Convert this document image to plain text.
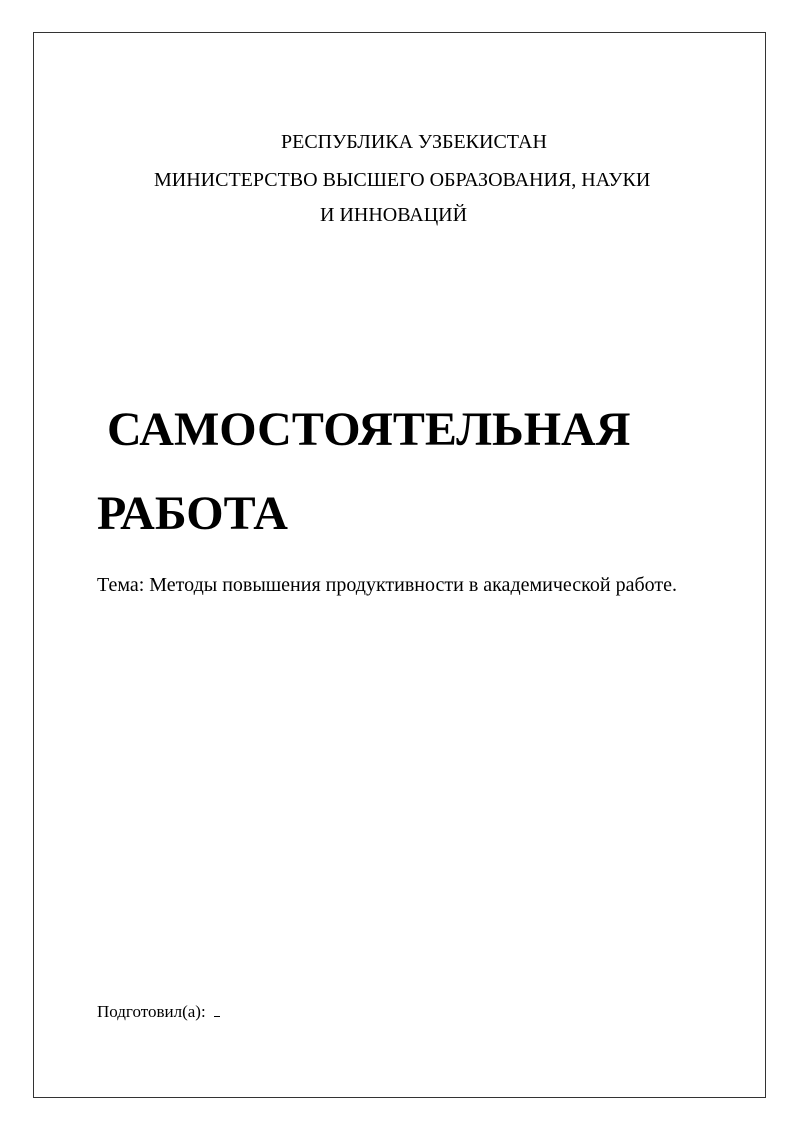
РЕСПУБЛИКА УЗБЕКИСТАН
МИНИСТЕРСТВО ВЫСШЕГО ОБРАЗОВАНИЯ, НАУКИ
И ИННОВАЦИЙ
САМОСТОЯТЕЛЬНАЯ
РАБОТА
Тема: Методы повышения продуктивности в академической работе.
Подготовил(а):
